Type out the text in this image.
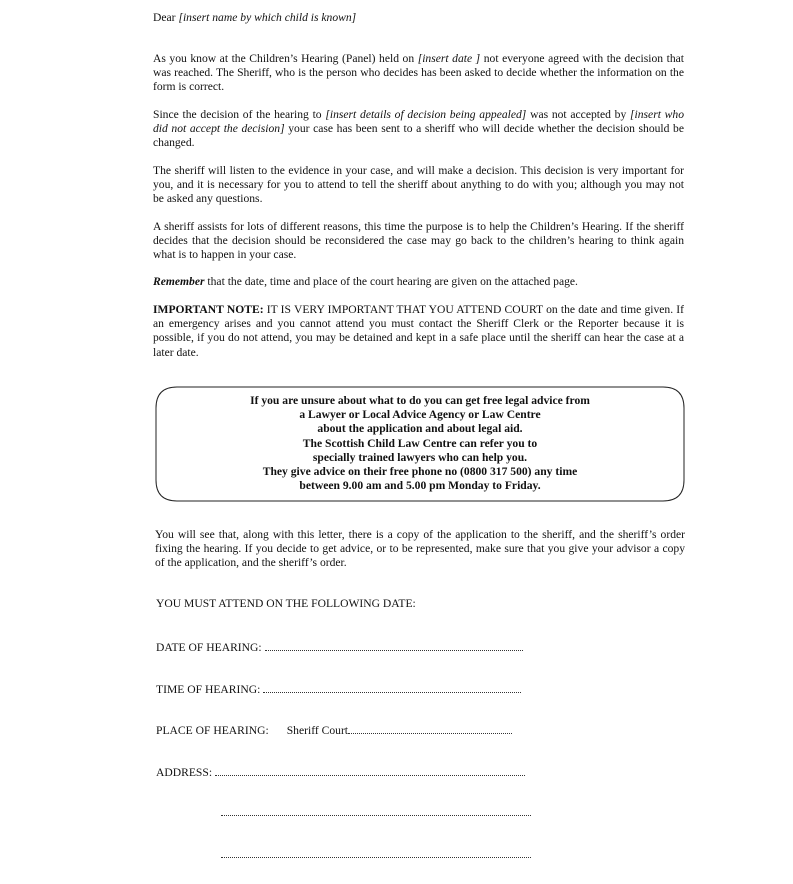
Dear [insert name by which child is known]

As you know at the Children’s Hearing (Panel) held on [insert date ] not everyone agreed with the decision that was reached. The Sheriff, who is the person who decides has been asked to decide whether the information on the form is correct.

Since the decision of the hearing to [insert details of decision being appealed] was not accepted by [insert who did not accept the decision] your case has been sent to a sheriff who will decide whether the decision should be changed.

The sheriff will listen to the evidence in your case, and will make a decision. This decision is very important for you, and it is necessary for you to attend to tell the sheriff about anything to do with you; although you may not be asked any questions.

A sheriff assists for lots of different reasons, this time the purpose is to help the Children’s Hearing. If the sheriff decides that the decision should be reconsidered the case may go back to the children’s hearing to think again what is to happen in your case.

Remember that the date, time and place of the court hearing are given on the attached page.

IMPORTANT NOTE: IT IS VERY IMPORTANT THAT YOU ATTEND COURT on the date and time given. If an emergency arises and you cannot attend you must contact the Sheriff Clerk or the Reporter because it is possible, if you do not attend, you may be detained and kept in a safe place until the sheriff can hear the case at a later date.

If you are unsure about what to do you can get free legal advice from
a Lawyer or Local Advice Agency or Law Centre
about the application and about legal aid.
The Scottish Child Law Centre can refer you to
specially trained lawyers who can help you.
They give advice on their free phone no (0800 317 500) any time
between 9.00 am and 5.00 pm Monday to Friday.

You will see that, along with this letter, there is a copy of the application to the sheriff, and the sheriff’s order fixing the hearing. If you decide to get advice, or to be represented, make sure that you give your advisor a copy of the application, and the sheriff’s order.

YOU MUST ATTEND ON THE FOLLOWING DATE:

DATE OF HEARING:

TIME OF HEARING:

PLACE OF HEARING: Sheriff Court

ADDRESS:
